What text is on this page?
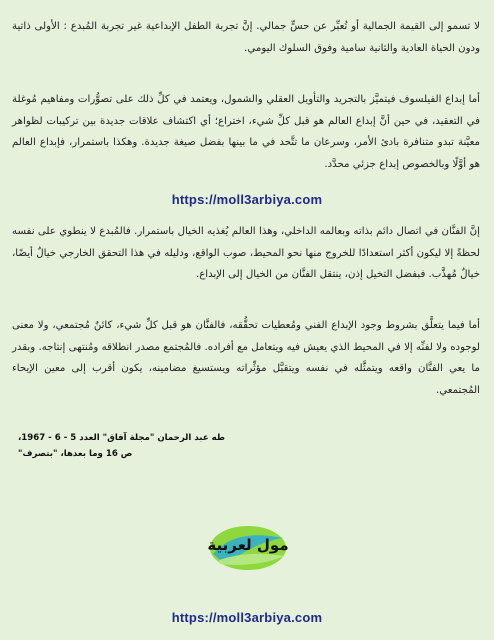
لا تسمو إلى القيمة الجمالية أو تُعبِّر عن حسٍّ جمالي. إنَّ تجربة الطفل الإبداعية غير تجربة المُبدع : الأولى ذاتية ودون الحياة العادية والثانية سامية وفوق السلوك اليومي.

أما إبداع الفيلسوف فيتميَّز بالتجريد والتأويل العقلي والشمول، ويعتمد في كلِّ ذلك على تصوُّرات ومفاهيم مُوغلة في التعقيد، في حين أنَّ إبداع العالم هو قبل كلِّ شيء، اختراع؛ أي اكتشاف علاقات جديدة بين تركيبات لظواهر معيَّنة تبدو متنافرة بادئ الأمر، وسرعان ما تتَّحد في ما بينها بفضل صيغة جديدة. وهكذا باستمرار، فإبداع العالم هو أوَّلًا وبالخصوص إبداع جزئي محدَّد.

https://moll3arbiya.com

إنَّ الفنَّان في اتصال دائم بذاته وبعالمه الداخلي، وهذا العالم يُغذيه الخيال باستمرار. فالمُبدع لا ينطوي على نفسه لحظةً إلا ليكون أكثر استعدادًا للخروج منها نحو المحيط، صوب الواقع، ودليله في هذا التحقق الخارجي خيالٌ أيضًا، خيالٌ مُهذَّب. فبفضل التخيل إذن، ينتقل الفنَّان من الخيال إلى الإبداع.

أما فيما يتعلَّق بشروط وجود الإبداع الفني ومُعطيات تحقُّقه، فالفنَّان هو قبل كلِّ شيء، كائنٌ مُجتمعي، ولا معنى لوجوده ولا لفنِّه إلا في المحيط الذي يعيش فيه ويتعامل مع أفراده. فالمُجتمع مصدر انطلاقه ومُنتهى إنتاجه. وبقدر ما يعي الفنَّان واقعه ويتمثَّله في نفسه ويتقبَّل مؤثِّراته ويستسيغ مضامينه، يكون أقرب إلى معين الإيحاء المُجتمعي.

طه عبد الرحمان "مجلة آفاق" العدد 5 - 6 - 1967،
ص 16 وما بعدها، "بتصرف"
مول لعربية
https://moll3arbiya.com
